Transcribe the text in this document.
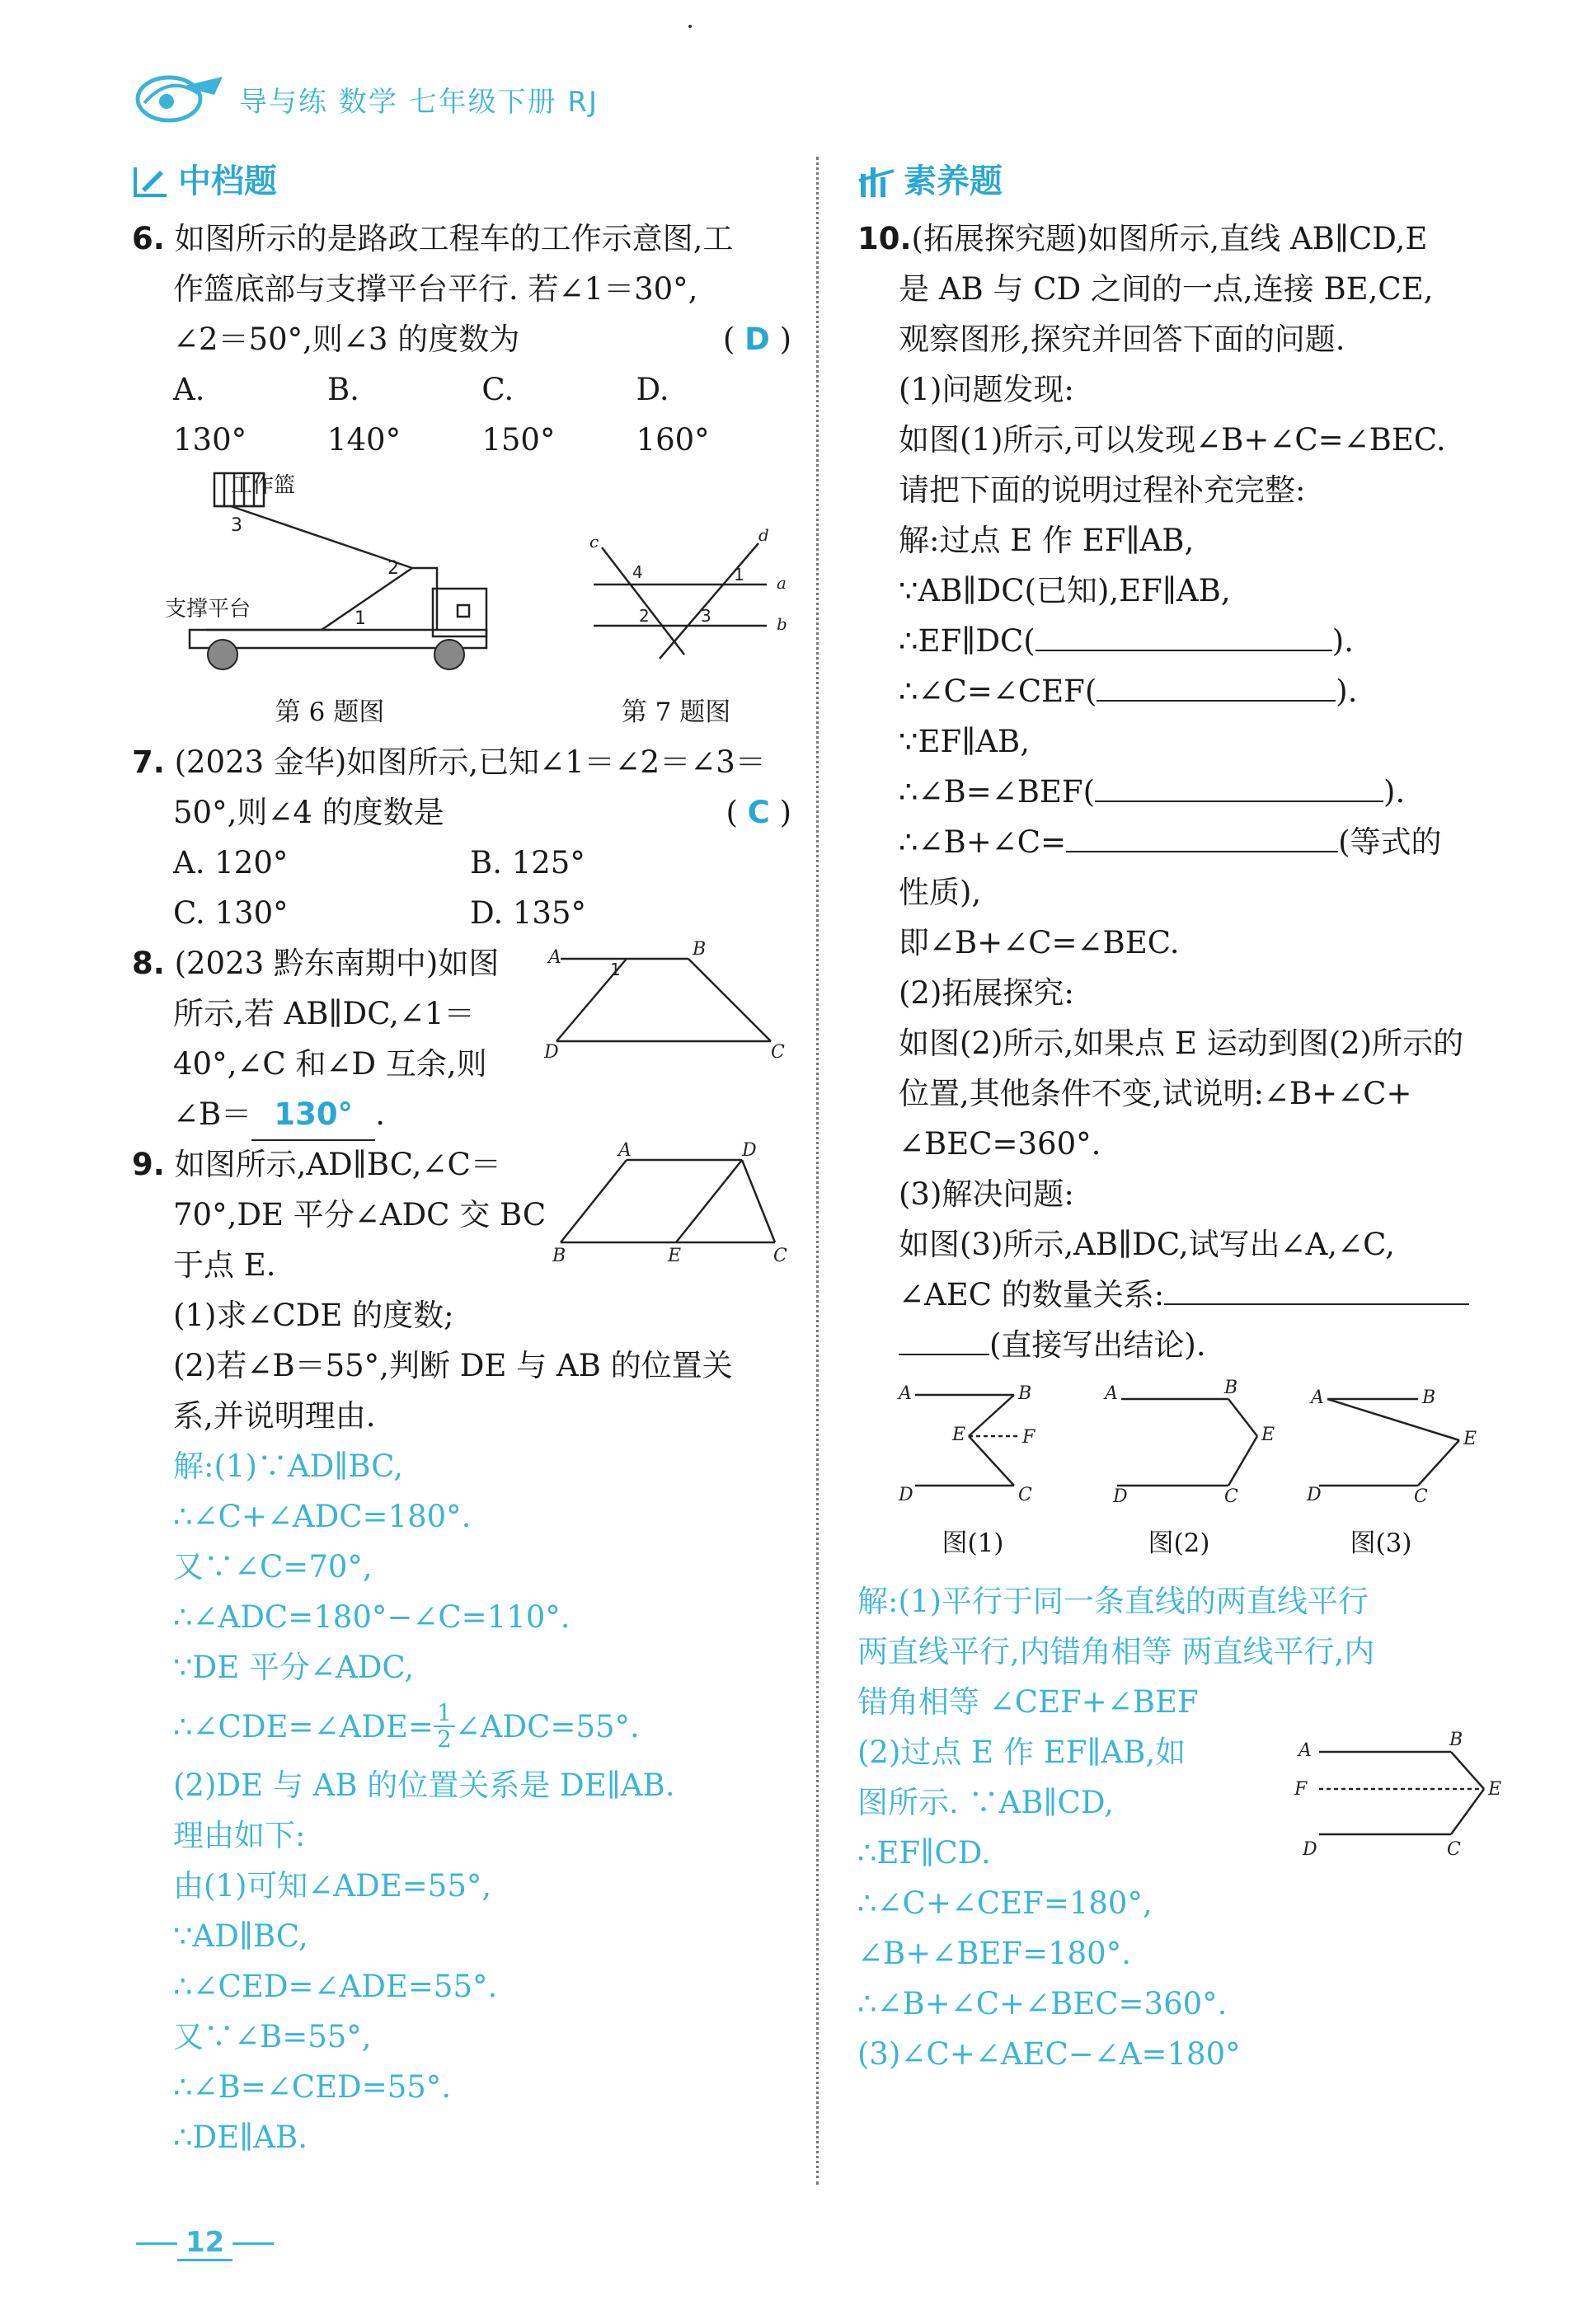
导与练 数学 七年级下册 RJ
中档题
6. 如图所示的是路政工程车的工作示意图,工
作篮底部与支撑平台平行. 若∠1＝30°,
∠2＝50°,则∠3 的度数为	( D )
A. 130°
B. 140°
C. 150°
D. 160°
3
2
1
c	d
a
b
4	1
2	3
工作篮
支撑平台
第 6 题图	第 7 题图
7. (2023 金华)如图所示,已知∠1＝∠2＝∠3＝
50°,则∠4 的度数是	( C )
A. 120°	B. 125°
C. 130°	D. 135°
8. (2023 黔东南期中)如图
所示,若 AB∥DC,∠1＝
40°,∠C 和∠D 互余,则
∠B＝ 130° .
A	B
D	C
1
9. 如图所示,AD∥BC,∠C＝
70°,DE 平分∠ADC 交 BC
于点 E.
(1)求∠CDE 的度数;
(2)若∠B＝55°,判断 DE 与 AB 的位置关
系,并说明理由.
A	D
B	E	C
解:(1)∵AD∥BC,
∴∠C+∠ADC=180°.
又∵∠C=70°,
∴∠ADC=180°−∠C=110°.
∵DE 平分∠ADC,
∴∠CDE=∠ADE= $\frac{1}{2}$ ∠ADC=55°.
(2)DE 与 AB 的位置关系是 DE∥AB.
理由如下:
由(1)可知∠ADE=55°,
∵AD∥BC,
∴∠CED=∠ADE=55°.
又∵∠B=55°,
∴∠B=∠CED=55°.
∴DE∥AB.
素养题
10.(拓展探究题)如图所示,直线 AB∥CD,E
是 AB 与 CD 之间的一点,连接 BE,CE,
观察图形,探究并回答下面的问题.
(1)问题发现:
如图(1)所示,可以发现∠B+∠C=∠BEC.
请把下面的说明过程补充完整:
解:过点 E 作 EF∥AB,
∵AB∥DC(已知),EF∥AB,
∴EF∥DC(	).
∴∠C=∠CEF(	).
∵EF∥AB,
∴∠B=∠BEF(	).
∴∠B+∠C=	(等式的
性质),
即∠B+∠C=∠BEC.
(2)拓展探究:
如图(2)所示,如果点 E 运动到图(2)所示的
位置,其他条件不变,试说明:∠B+∠C+
∠BEC=360°.
(3)解决问题:
如图(3)所示,AB∥DC,试写出∠A,∠C,
∠AEC 的数量关系:
(直接写出结论).
A	B
E	F
D	C
A	B
E
D	C
A	B
E
D	C
图(1)	图(2)	图(3)
解:(1)平行于同一条直线的两直线平行
两直线平行,内错角相等 两直线平行,内
错角相等 ∠CEF+∠BEF
(2)过点 E 作 EF∥AB,如
图所示. ∵AB∥CD,
∴EF∥CD.
∴∠C+∠CEF=180°,
∠B+∠BEF=180°.
∴∠B+∠C+∠BEC=360°.
(3)∠C+∠AEC−∠A=180°
A
B
F	E
D	C
12
